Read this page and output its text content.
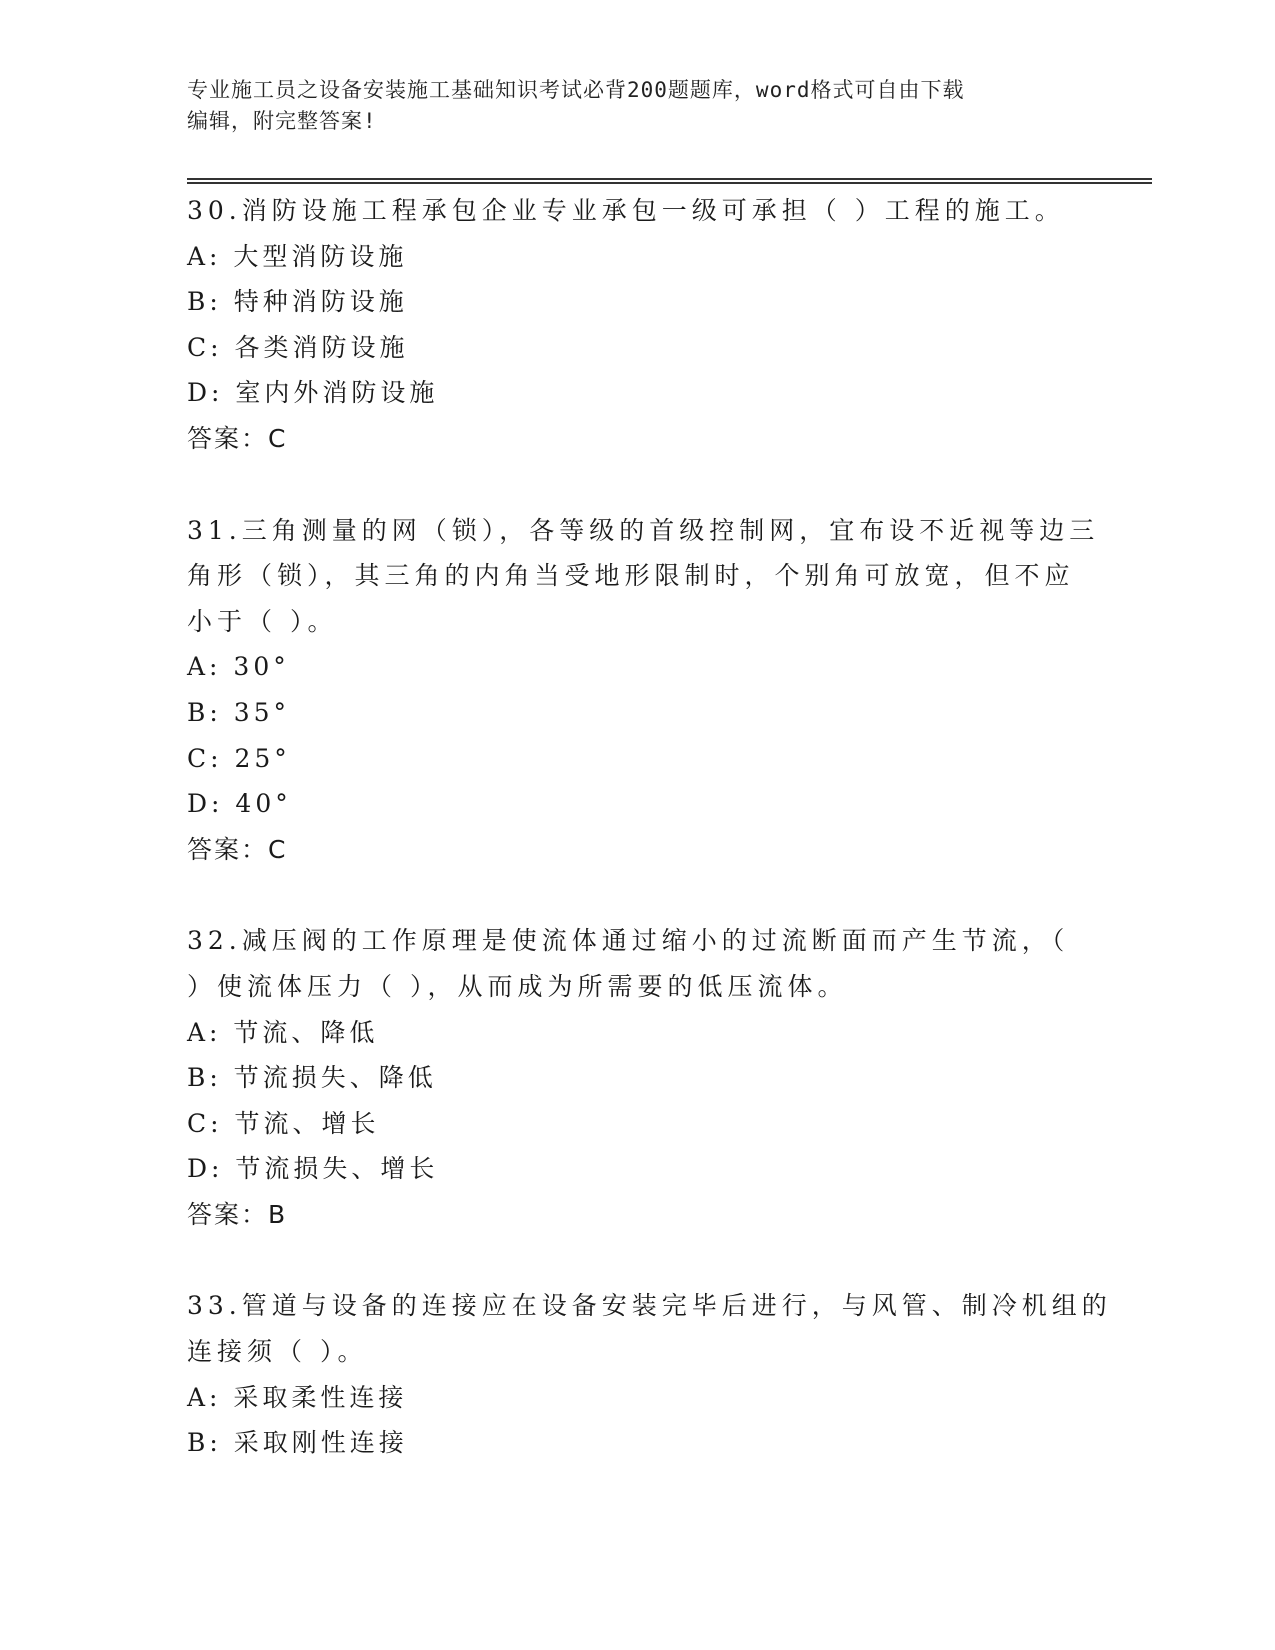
专业施工员之设备安装施工基础知识考试必背200题题库，word格式可自由下载
编辑，附完整答案!
30.消防设施工程承包企业专业承包一级可承担（ ）工程的施工。
A: 大型消防设施
B: 特种消防设施
C: 各类消防设施
D: 室内外消防设施
答案：C
31.三角测量的网（锁），各等级的首级控制网，宜布设不近视等边三
角形（锁），其三角的内角当受地形限制时，个别角可放宽，但不应
小于（ ）。
A: 30°
B: 35°
C: 25°
D: 40°
答案：C
32.减压阀的工作原理是使流体通过缩小的过流断面而产生节流，（
）使流体压力（ ），从而成为所需要的低压流体。
A: 节流、降低
B: 节流损失、降低
C: 节流、增长
D: 节流损失、增长
答案：B
33.管道与设备的连接应在设备安装完毕后进行，与风管、制冷机组的
连接须（ ）。
A: 采取柔性连接
B: 采取刚性连接
